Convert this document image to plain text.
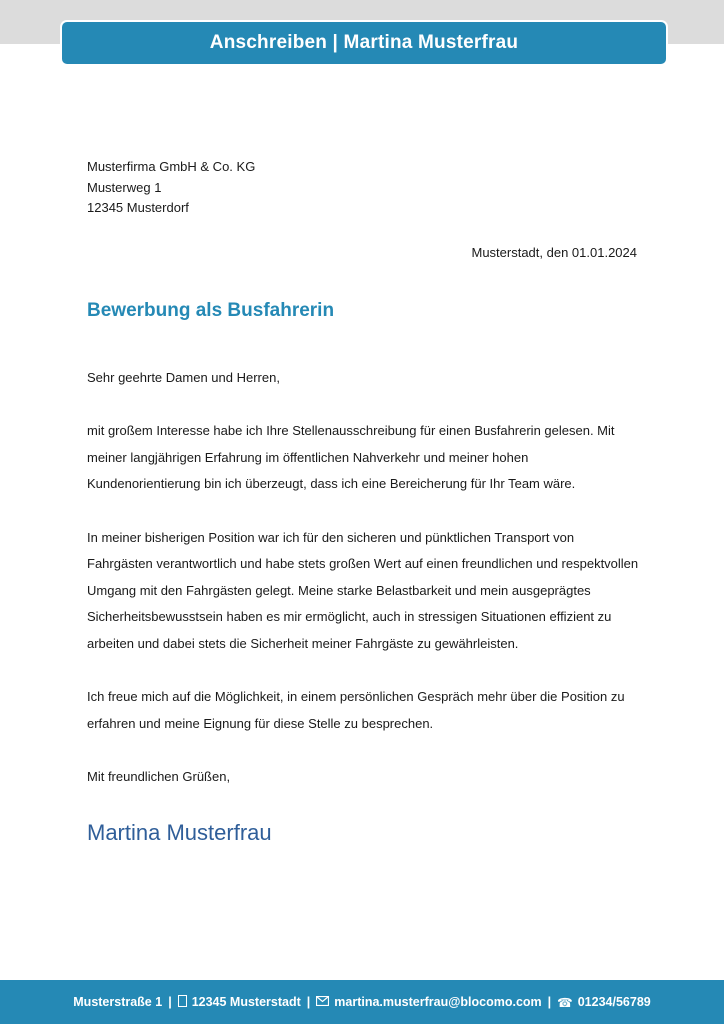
Anschreiben | Martina Musterfrau
Musterfirma GmbH & Co. KG
Musterweg 1
12345 Musterdorf
Musterstadt, den 01.01.2024
Bewerbung als Busfahrerin

Sehr geehrte Damen und Herren,

mit großem Interesse habe ich Ihre Stellenausschreibung für einen Busfahrerin gelesen. Mit meiner langjährigen Erfahrung im öffentlichen Nahverkehr und meiner hohen Kundenorientierung bin ich überzeugt, dass ich eine Bereicherung für Ihr Team wäre.

In meiner bisherigen Position war ich für den sicheren und pünktlichen Transport von Fahrgästen verantwortlich und habe stets großen Wert auf einen freundlichen und respektvollen Umgang mit den Fahrgästen gelegt. Meine starke Belastbarkeit und mein ausgeprägtes Sicherheitsbewusstsein haben es mir ermöglicht, auch in stressigen Situationen effizient zu arbeiten und dabei stets die Sicherheit meiner Fahrgäste zu gewährleisten.

Ich freue mich auf die Möglichkeit, in einem persönlichen Gespräch mehr über die Position zu erfahren und meine Eignung für diese Stelle zu besprechen.

Mit freundlichen Grüßen,

Martina Musterfrau
Musterstraße 1 | 12345 Musterstadt | martina.musterfrau@blocomo.com | ☎ 01234/56789
